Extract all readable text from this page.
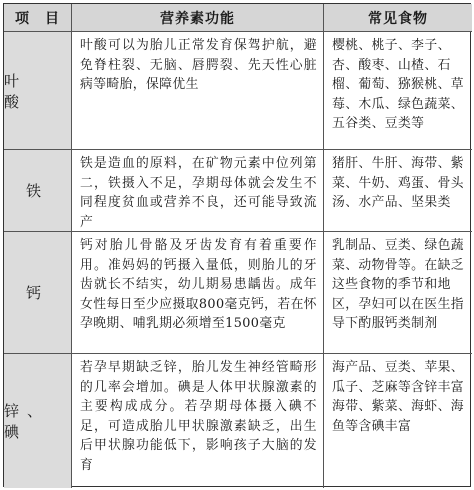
项　目	营养素功能	常见食物
叶　酸
叶酸可以为胎儿正常发育保驾护航，避免脊柱裂、无脑、唇腭裂、先天性心脏病等畸胎，保障优生
樱桃、桃子、李子、杏、酸枣、山楂、石榴、葡萄、猕猴桃、草莓、木瓜、绿色蔬菜、五谷类、豆类等
铁
铁是造血的原料，在矿物元素中位列第二，铁摄入不足，孕期母体就会发生不同程度贫血或营养不良，还可能导致流产
猪肝、牛肝、海带、紫菜、牛奶、鸡蛋、骨头汤、水产品、坚果类
钙
钙对胎儿骨骼及牙齿发育有着重要作用。准妈妈的钙摄入量低，则胎儿的牙齿就长不结实，幼儿期易患龋齿。成年女性每日至少应摄取800毫克钙，若在怀孕晚期、哺乳期必须增至1500毫克
乳制品、豆类、绿色蔬菜、动物骨等。在缺乏这些食物的季节和地区，孕妇可以在医生指导下酌服钙类制剂
锌、碘
若孕早期缺乏锌，胎儿发生神经管畸形的几率会增加。碘是人体甲状腺激素的主要构成成分。若孕期母体摄入碘不足，可造成胎儿甲状腺激素缺乏，出生后甲状腺功能低下，影响孩子大脑的发育
海产品、豆类、苹果、瓜子、芝麻等含锌丰富海带、紫菜、海虾、海鱼等含碘丰富
